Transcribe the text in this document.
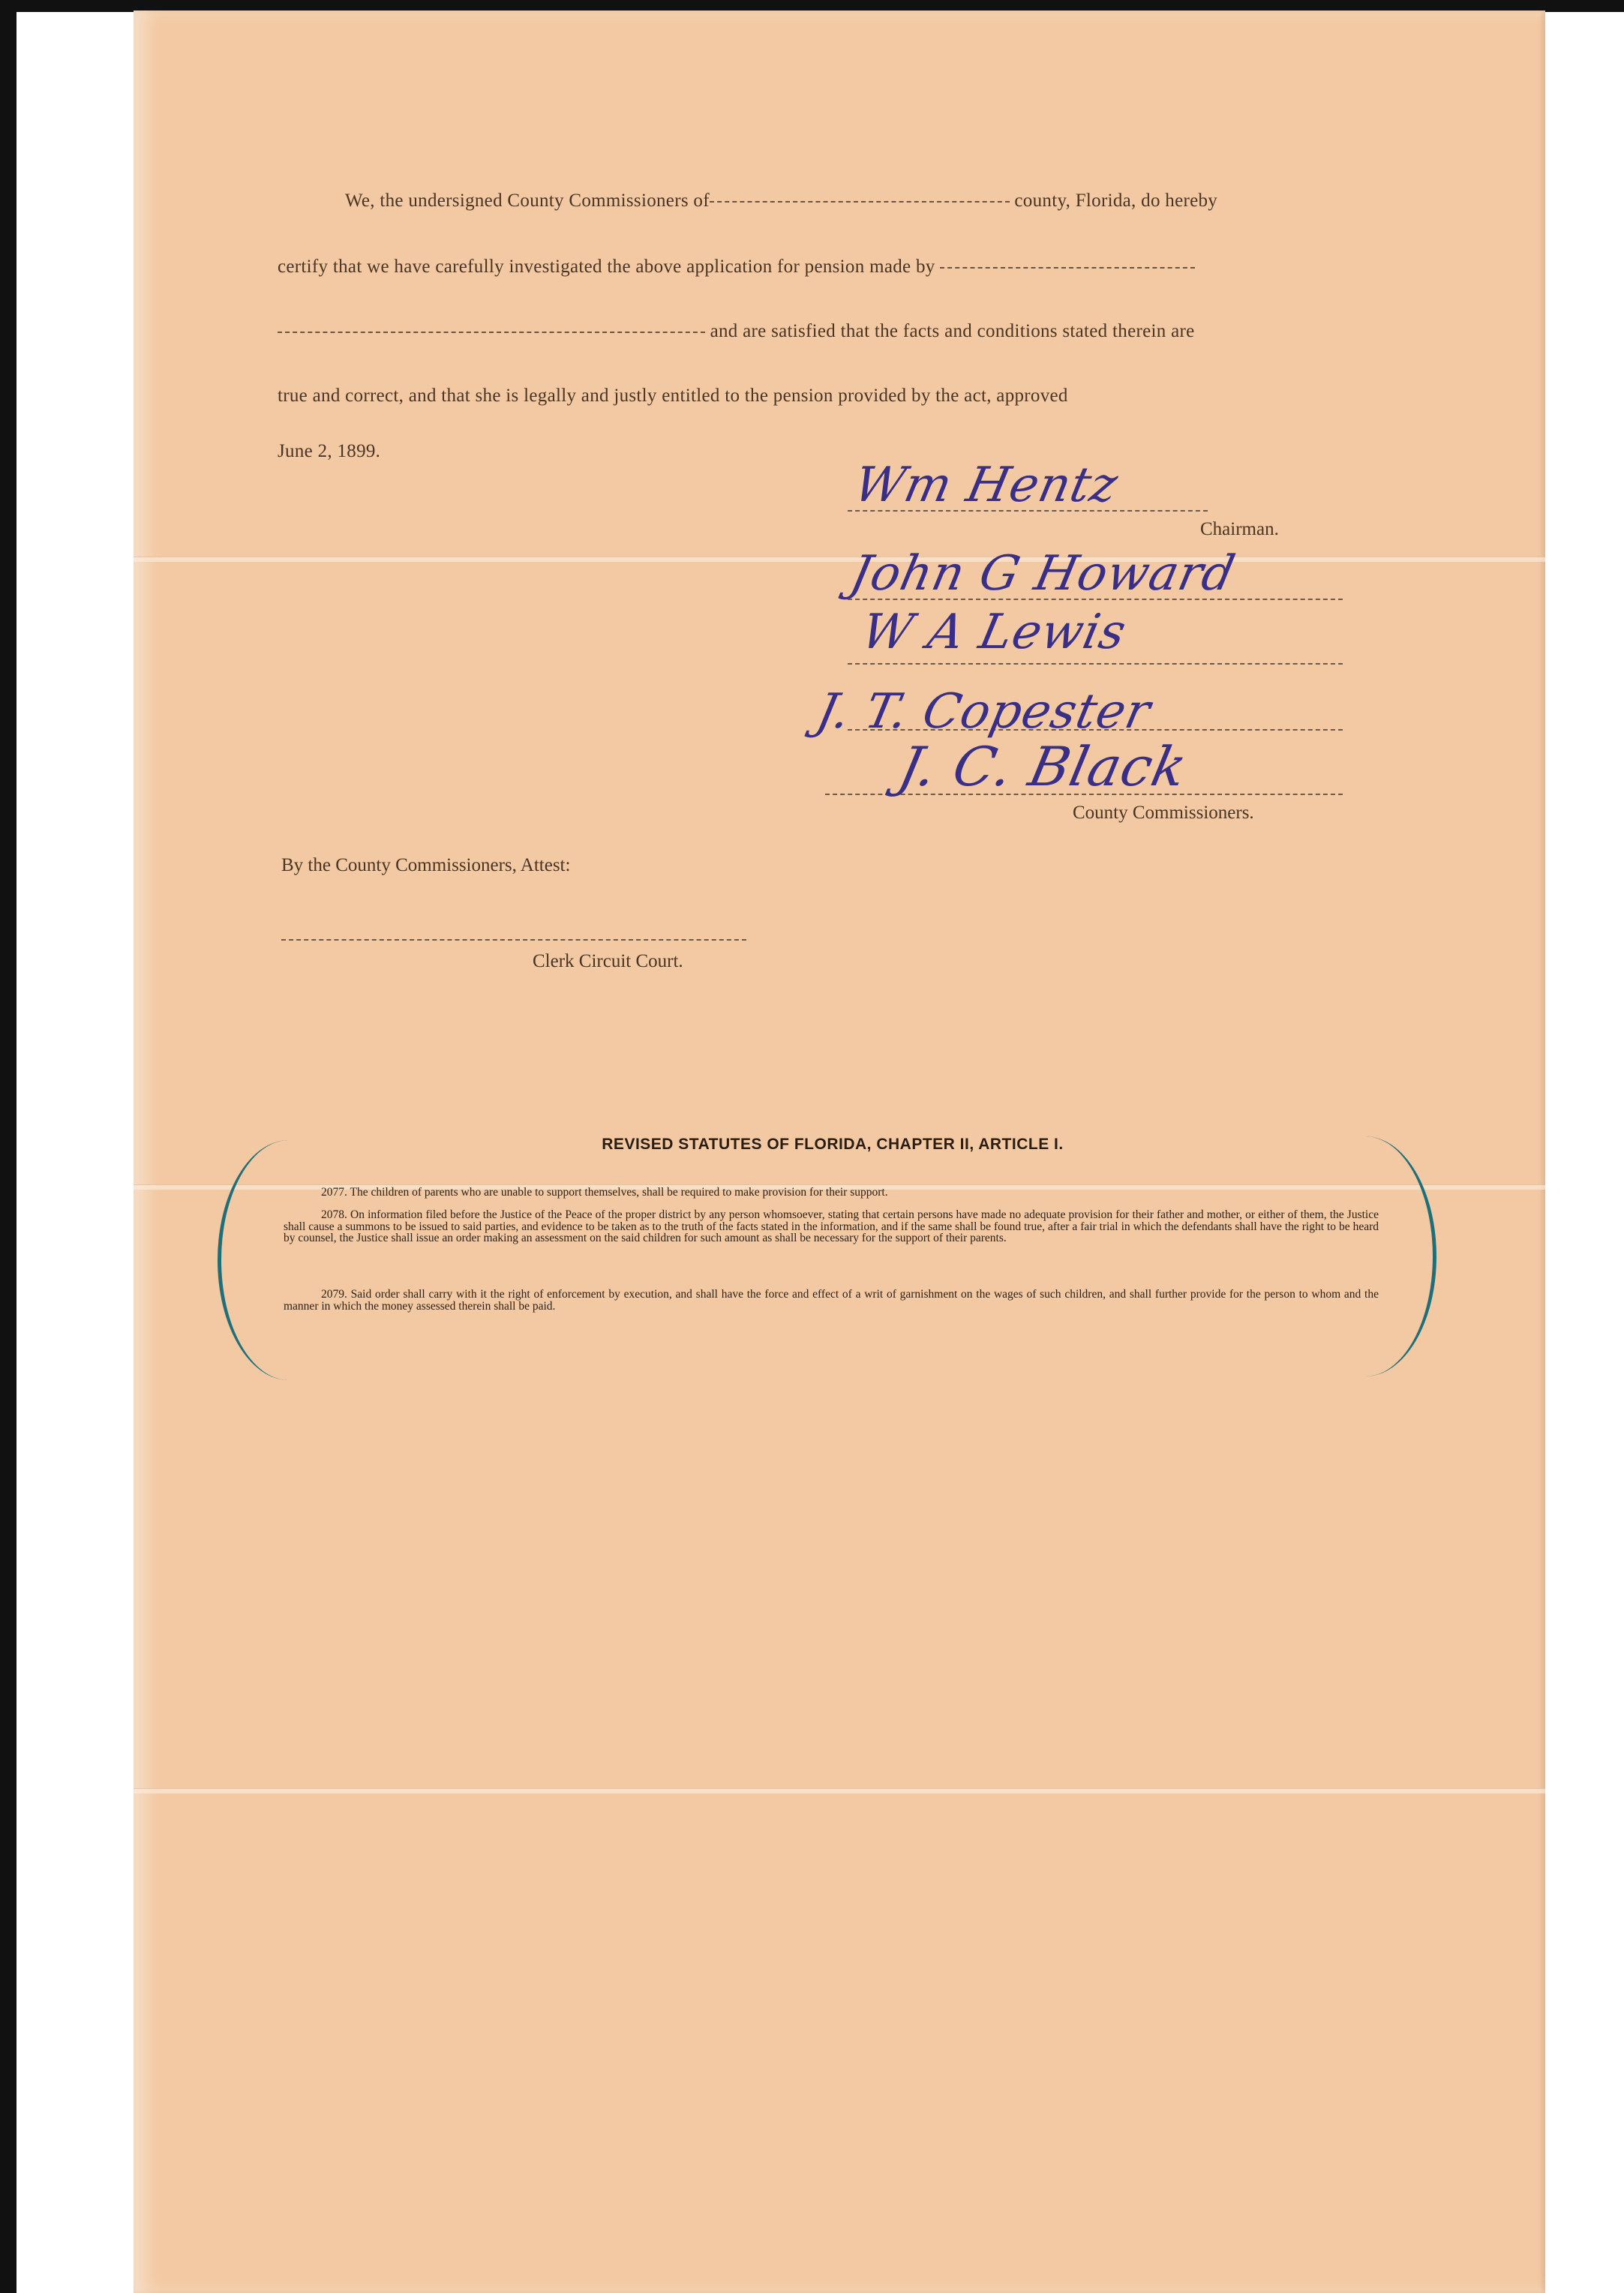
We, the undersigned County Commissioners of	county, Florida, do hereby
certify that we have carefully investigated the above application for pension made by
and are satisfied that the facts and conditions stated therein are
true and correct, and that she is legally and justly entitled to the pension provided by the act, approved
June 2, 1899.
Wm Hentz
Chairman.
John G Howard
W A Lewis
J. T. Copester
J. C. Black
County Commissioners.
By the County Commissioners, Attest:
Clerk Circuit Court.
REVISED STATUTES OF FLORIDA, CHAPTER II, ARTICLE I.
2077. The children of parents who are unable to support themselves, shall be required to make provision for their support.
2078. On information filed before the Justice of the Peace of the proper district by any person whomsoever, stating that certain persons have made no adequate provision for their father and mother, or either of them, the Justice shall cause a summons to be issued to said parties, and evidence to be taken as to the truth of the facts stated in the information, and if the same shall be found true, after a fair trial in which the defendants shall have the right to be heard by counsel, the Justice shall issue an order making an assessment on the said children for such amount as shall be necessary for the support of their parents.
2079. Said order shall carry with it the right of enforcement by execution, and shall have the force and effect of a writ of garnishment on the wages of such children, and shall further provide for the person to whom and the manner in which the money assessed therein shall be paid.
